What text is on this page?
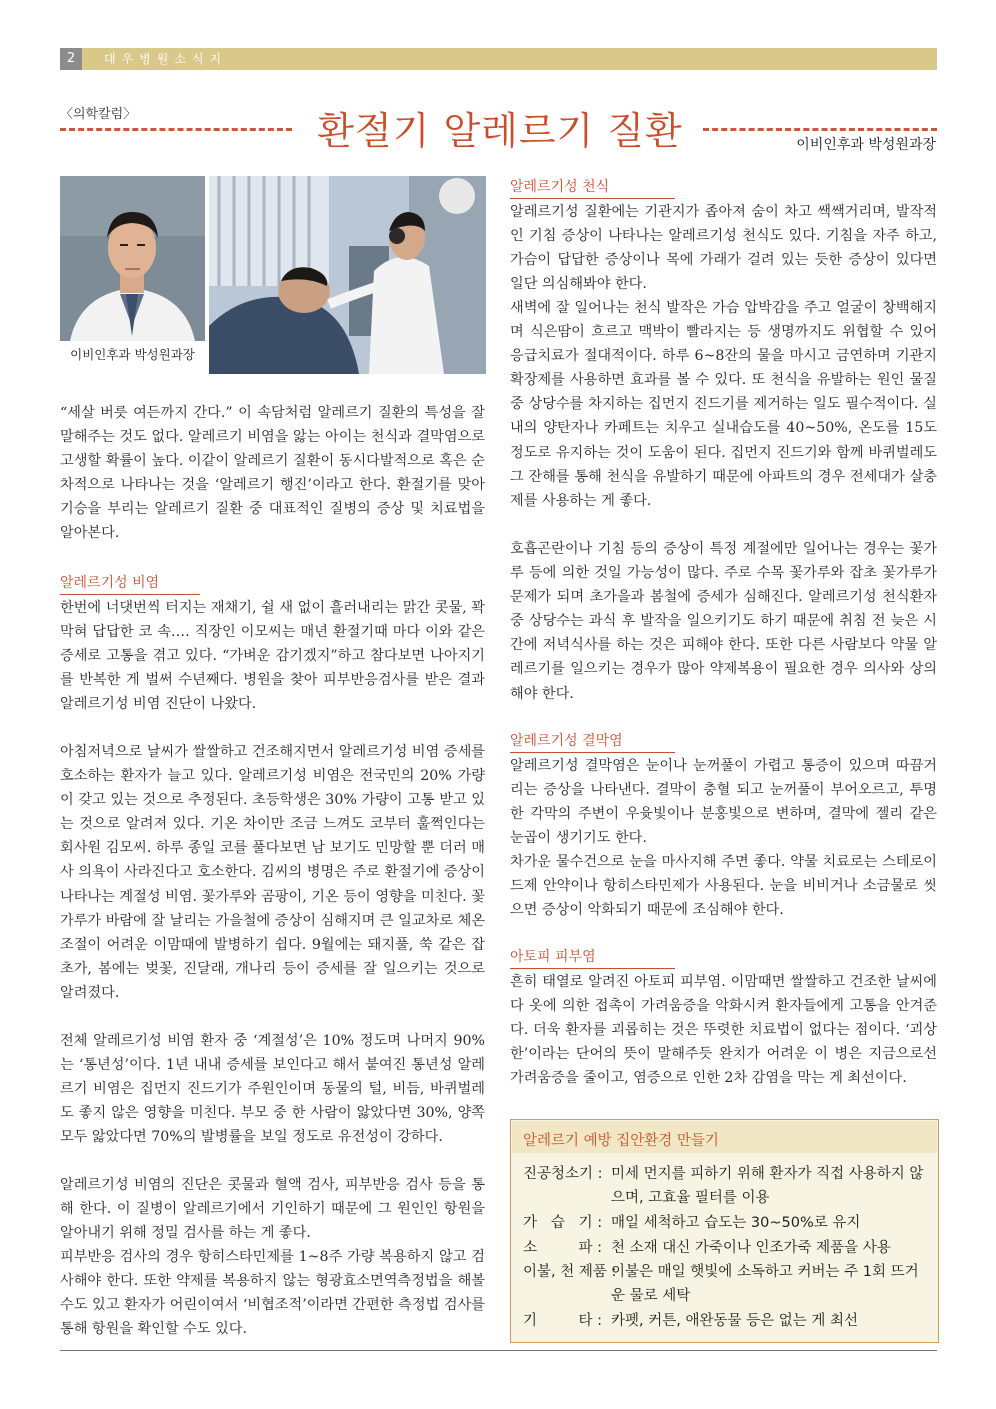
2	대우병원소식지
〈의학칼럼〉	환절기 알레르기 질환	이비인후과 박성원과장
이비인후과 박성원과장

“세살 버릇 여든까지 간다.” 이 속담처럼 알레르기 질환의 특성을 잘 말해주는 것도 없다. 알레르기 비염을 앓는 아이는 천식과 결막염으로 고생할 확률이 높다. 이같이 알레르기 질환이 동시다발적으로 혹은 순차적으로 나타나는 것을 ‘알레르기 행진’이라고 한다. 환절기를 맞아 기승을 부리는 알레르기 질환 중 대표적인 질병의 증상 및 치료법을 알아본다.

알레르기성 비염

한번에 너댓번씩 터지는 재채기, 쉴 새 없이 흘러내리는 맑간 콧물, 꽉 막혀 답답한 코 속…. 직장인 이모씨는 매년 환절기때 마다 이와 같은 증세로 고통을 겪고 있다. “가벼운 감기겠지”하고 참다보면 나아지기를 반복한 게 벌써 수년째다. 병원을 찾아 피부반응검사를 받은 결과 알레르기성 비염 진단이 나왔다.

아침저녁으로 날씨가 쌀쌀하고 건조해지면서 알레르기성 비염 증세를 호소하는 환자가 늘고 있다. 알레르기성 비염은 전국민의 20% 가량이 갖고 있는 것으로 추정된다. 초등학생은 30% 가량이 고통 받고 있는 것으로 알려져 있다. 기온 차이만 조금 느껴도 코부터 훌쩍인다는 회사원 김모씨. 하루 종일 코를 풀다보면 남 보기도 민망할 뿐 더러 매사 의욕이 사라진다고 호소한다. 김씨의 병명은 주로 환절기에 증상이 나타나는 계절성 비염. 꽃가루와 곰팡이, 기온 등이 영향을 미친다. 꽃가루가 바람에 잘 날리는 가을철에 증상이 심해지며 큰 일교차로 체온조절이 어려운 이맘때에 발병하기 쉽다. 9월에는 돼지풀, 쑥 같은 잡초가, 봄에는 벚꽃, 진달래, 개나리 등이 증세를 잘 일으키는 것으로 알려졌다.

전체 알레르기성 비염 환자 중 ‘계절성’은 10% 정도며 나머지 90%는 ‘통년성’이다. 1년 내내 증세를 보인다고 해서 붙여진 통년성 알레르기 비염은 집먼지 진드기가 주원인이며 동물의 털, 비듬, 바퀴벌레도 좋지 않은 영향을 미친다. 부모 중 한 사람이 앓았다면 30%, 양쪽 모두 앓았다면 70%의 발병률을 보일 정도로 유전성이 강하다.

알레르기성 비염의 진단은 콧물과 혈액 검사, 피부반응 검사 등을 통해 한다. 이 질병이 알레르기에서 기인하기 때문에 그 원인인 항원을 알아내기 위해 정밀 검사를 하는 게 좋다.

피부반응 검사의 경우 항히스타민제를 1~8주 가량 복용하지 않고 검사해야 한다. 또한 약제를 복용하지 않는 형광효소면역측정법을 해볼 수도 있고 환자가 어린이여서 ‘비협조적’이라면 간편한 측정법 검사를 통해 항원을 확인할 수도 있다.

알레르기성 천식

알레르기성 질환에는 기관지가 좁아져 숨이 차고 쌕쌕거리며, 발작적인 기침 증상이 나타나는 알레르기성 천식도 있다. 기침을 자주 하고, 가슴이 답답한 증상이나 목에 가래가 걸려 있는 듯한 증상이 있다면 일단 의심해봐야 한다.

새벽에 잘 일어나는 천식 발작은 가슴 압박감을 주고 얼굴이 창백해지며 식은땀이 흐르고 맥박이 빨라지는 등 생명까지도 위협할 수 있어 응급치료가 절대적이다. 하루 6~8잔의 물을 마시고 금연하며 기관지 확장제를 사용하면 효과를 볼 수 있다. 또 천식을 유발하는 원인 물질 중 상당수를 차지하는 집먼지 진드기를 제거하는 일도 필수적이다. 실내의 양탄자나 카페트는 치우고 실내습도를 40~50%, 온도를 15도 정도로 유지하는 것이 도움이 된다. 집먼지 진드기와 함께 바퀴벌레도 그 잔해를 통해 천식을 유발하기 때문에 아파트의 경우 전세대가 살충제를 사용하는 게 좋다.

호흡곤란이나 기침 등의 증상이 특정 계절에만 일어나는 경우는 꽃가루 등에 의한 것일 가능성이 많다. 주로 수목 꽃가루와 잡초 꽃가루가 문제가 되며 초가을과 봄철에 증세가 심해진다. 알레르기성 천식환자 중 상당수는 과식 후 발작을 일으키기도 하기 때문에 취침 전 늦은 시간에 저녁식사를 하는 것은 피해야 한다. 또한 다른 사람보다 약물 알레르기를 일으키는 경우가 많아 약제복용이 필요한 경우 의사와 상의해야 한다.

알레르기성 결막염

알레르기성 결막염은 눈이나 눈꺼풀이 가렵고 통증이 있으며 따끔거리는 증상을 나타낸다. 결막이 충혈 되고 눈꺼풀이 부어오르고, 투명한 각막의 주변이 우윳빛이나 분홍빛으로 변하며, 결막에 젤리 같은 눈곱이 생기기도 한다.

차가운 물수건으로 눈을 마사지해 주면 좋다. 약물 치료로는 스테로이드제 안약이나 항히스타민제가 사용된다. 눈을 비비거나 소금물로 씻으면 증상이 악화되기 때문에 조심해야 한다.

아토피 피부염

흔히 태열로 알려진 아토피 피부염. 이맘때면 쌀쌀하고 건조한 날씨에다 옷에 의한 접촉이 가려움증을 악화시켜 환자들에게 고통을 안겨준다. 더욱 환자를 괴롭히는 것은 뚜렷한 치료법이 없다는 점이다. ‘괴상한’이라는 단어의 뜻이 말해주듯 완치가 어려운 이 병은 지금으로선 가려움증을 줄이고, 염증으로 인한 2차 감염을 막는 게 최선이다.

알레르기 예방 집안환경 만들기
진공청소기 : 미세 먼지를 피하기 위해 환자가 직접 사용하지 않으며, 고효율 필터를 이용
가   습   기 : 매일 세척하고 습도는 30~50%로 유지
소         파 : 천 소재 대신 가죽이나 인조가죽 제품을 사용
이불, 천 제품 :
이불은 매일 햇빛에 소독하고 커버는 주 1회 뜨거운 물로 세탁
기         타 : 카펫, 커튼, 애완동물 등은 없는 게 최선
